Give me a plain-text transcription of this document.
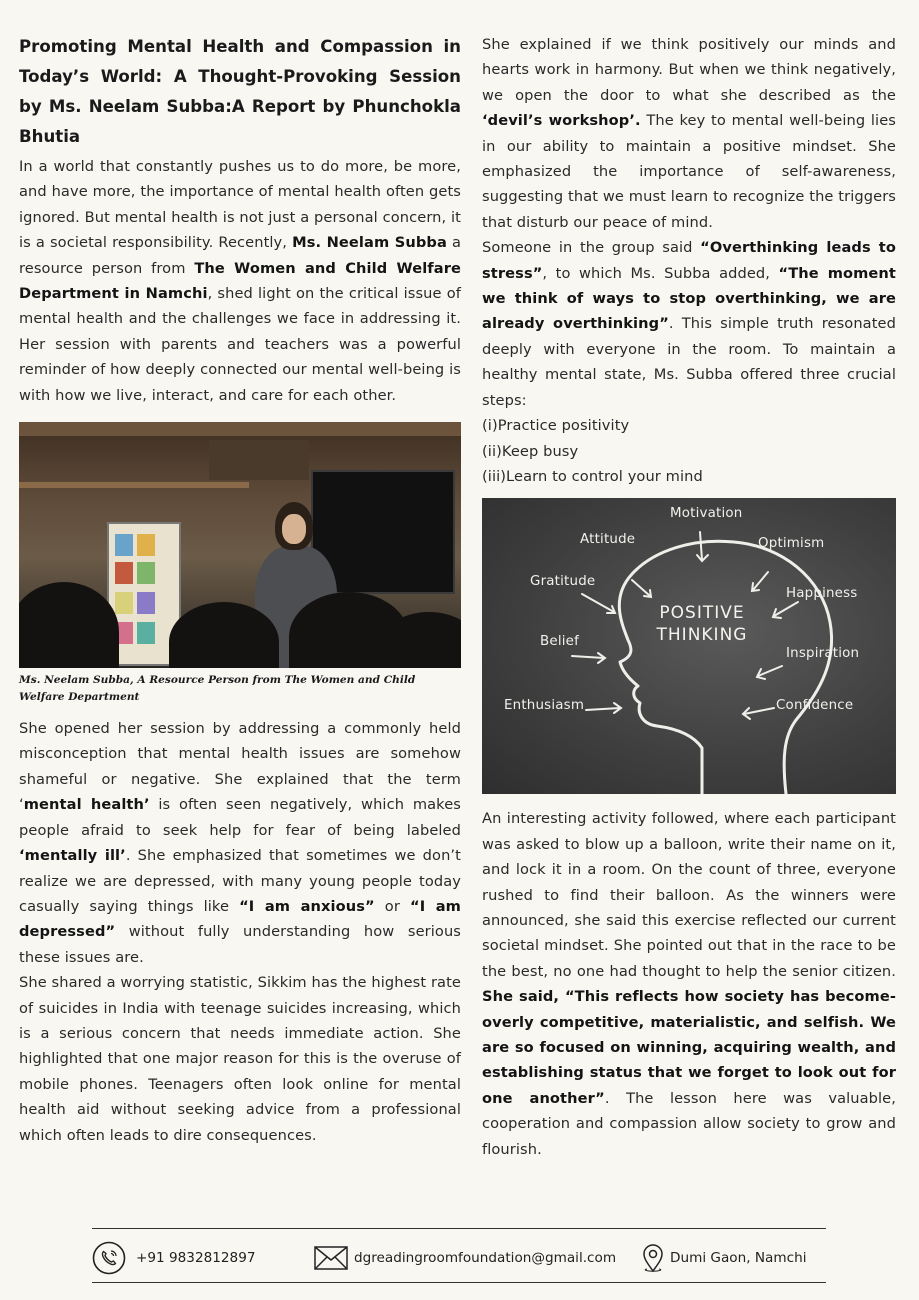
Promoting Mental Health and Compassion in Today’s World: A Thought-Provoking Session by Ms. Neelam Subba:A Report by Phunchokla Bhutia

In a world that constantly pushes us to do more, be more, and have more, the importance of mental health often gets ignored. But mental health is not just a personal concern, it is a societal responsibility. Recently, Ms. Neelam Subba a resource person from The Women and Child Welfare Department in Namchi, shed light on the critical issue of mental health and the challenges we face in addressing it. Her session with parents and teachers was a powerful reminder of how deeply connected our mental well-being is with how we live, interact, and care for each other.

Ms. Neelam Subba, A Resource Person from The Women and Child Welfare Department

She opened her session by addressing a commonly held misconception that mental health issues are somehow shameful or negative. She explained that the term ‘mental health’ is often seen negatively, which makes people afraid to seek help for fear of being labeled ‘mentally ill’. She emphasized that sometimes we don’t realize we are depressed, with many young people today casually saying things like “I am anxious” or “I am depressed” without fully understanding how serious these issues are.

She shared a worrying statistic, Sikkim has the highest rate of suicides in India with teenage suicides increasing, which is a serious concern that needs immediate action. She highlighted that one major reason for this is the overuse of mobile phones. Teenagers often look online for mental health aid without seeking advice from a professional which often leads to dire consequences.

She explained if we think positively our minds and hearts work in harmony. But when we think negatively, we open the door to what she described as the ‘devil’s workshop’. The key to mental well-being lies in our ability to maintain a positive mindset. She emphasized the importance of self-awareness, suggesting that we must learn to recognize the triggers that disturb our peace of mind.

Someone in the group said “Overthinking leads to stress”, to which Ms. Subba added, “The moment we think of ways to stop overthinking, we are already overthinking”. This simple truth resonated deeply with everyone in the room. To maintain a healthy mental state, Ms. Subba offered three crucial steps:

(i)Practice positivity

(ii)Keep busy

(iii)Learn to control your mind

Motivation
Attitude	Optimism
Gratitude
Happiness
Belief
Inspiration
Enthusiasm	Confidence
POSITIVE
THINKING

An interesting activity followed, where each participant was asked to blow up a balloon, write their name on it, and lock it in a room. On the count of three, everyone rushed to find their balloon. As the winners were announced, she said this exercise reflected our current societal mindset. She pointed out that in the race to be the best, no one had thought to help the senior citizen. She said, “This reflects how society has become- overly competitive, materialistic, and selfish. We are so focused on winning, acquiring wealth, and establishing status that we forget to look out for one another”. The lesson here was valuable, cooperation and compassion allow society to grow and flourish.

+91 9832812897	dgreadingroomfoundation@gmail.com	Dumi Gaon, Namchi
